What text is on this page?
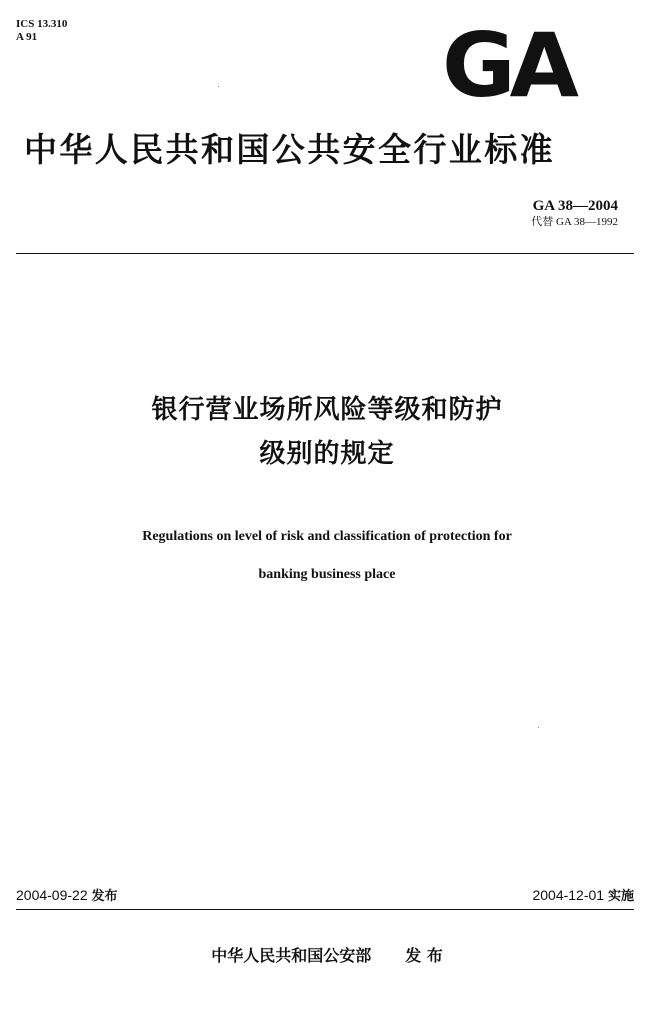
ICS 13.310
A 91	GA
中华人民共和国公共安全行业标准
GA 38—2004
代替 GA 38—1992
银行营业场所风险等级和防护
级别的规定
Regulations on level of risk and classification of protection for
banking business place
2004-09-22 发布	2004-12-01 实施
中华人民共和国公安部 发 布
